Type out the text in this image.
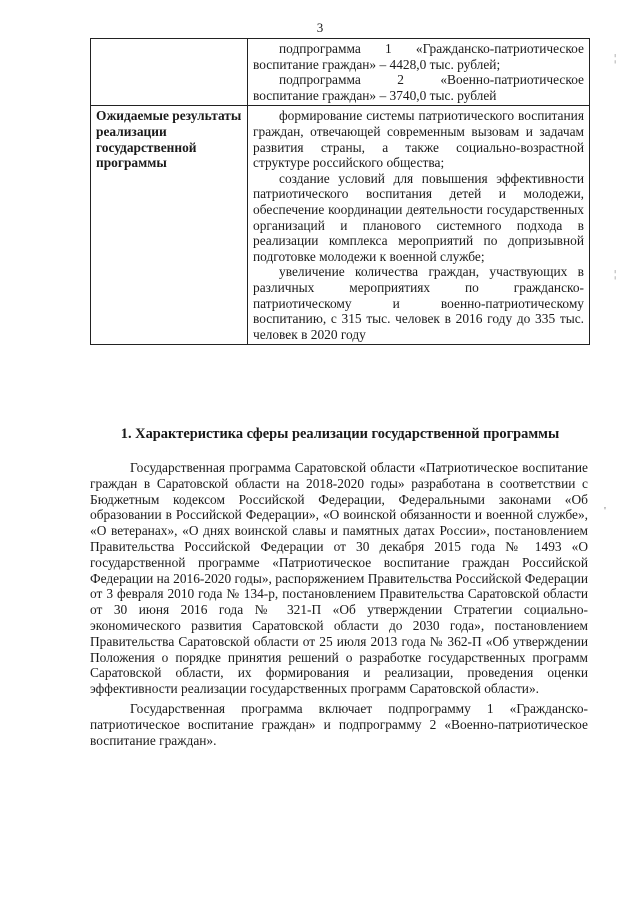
3

	подпрограмма 1 «Гражданско-патриотическое воспитание граждан» – 4428,0 тыс. рублей;

подпрограмма 2 «Военно-патриотическое воспитание граждан» – 3740,0 тыс. рублей

Ожидаемые результаты реализации государственной программы	формирование системы патриотического воспитания граждан, отвечающей современным вызовам и задачам развития страны, а также социально-возрастной структуре российского общества;

создание условий для повышения эффективности патриотического воспитания детей и молодежи, обеспечение координации деятельности государственных организаций и планового системного подхода в реализации комплекса мероприятий по допризывной подготовке молодежи к военной службе;

увеличение количества граждан, участвующих в различных мероприятиях по гражданско-патриотическому и военно-патриотическому воспитанию, с 315 тыс. человек в 2016 году до 335 тыс. человек в 2020 году

1. Характеристика сферы реализации государственной программы

Государственная программа Саратовской области «Патриотическое воспитание граждан в Саратовской области на 2018-2020 годы» разработана в соответствии с Бюджетным кодексом Российской Федерации, Федеральными законами «Об образовании в Российской Федерации», «О воинской обязанности и военной службе», «О ветеранах», «О днях воинской славы и памятных датах России», постановлением Правительства Российской Федерации от 30 декабря 2015 года № 1493 «О государственной программе «Патриотическое воспитание граждан Российской Федерации на 2016-2020 годы», распоряжением Правительства Российской Федерации от 3 февраля 2010 года № 134-р, постановлением Правительства Саратовской области от 30 июня 2016 года № 321-П «Об утверждении Стратегии социально-экономического развития Саратовской области до 2030 года», постановлением Правительства Саратовской области от 25 июля 2013 года № 362-П «Об утверждении Положения о порядке принятия решений о разработке государственных программ Саратовской области, их формирования и реализации, проведения оценки эффективности реализации государственных программ Саратовской области».

Государственная программа включает подпрограмму 1 «Гражданско-патриотическое воспитание граждан» и подпрограмму 2 «Военно-патриотическое воспитание граждан».

¦
¦
'
